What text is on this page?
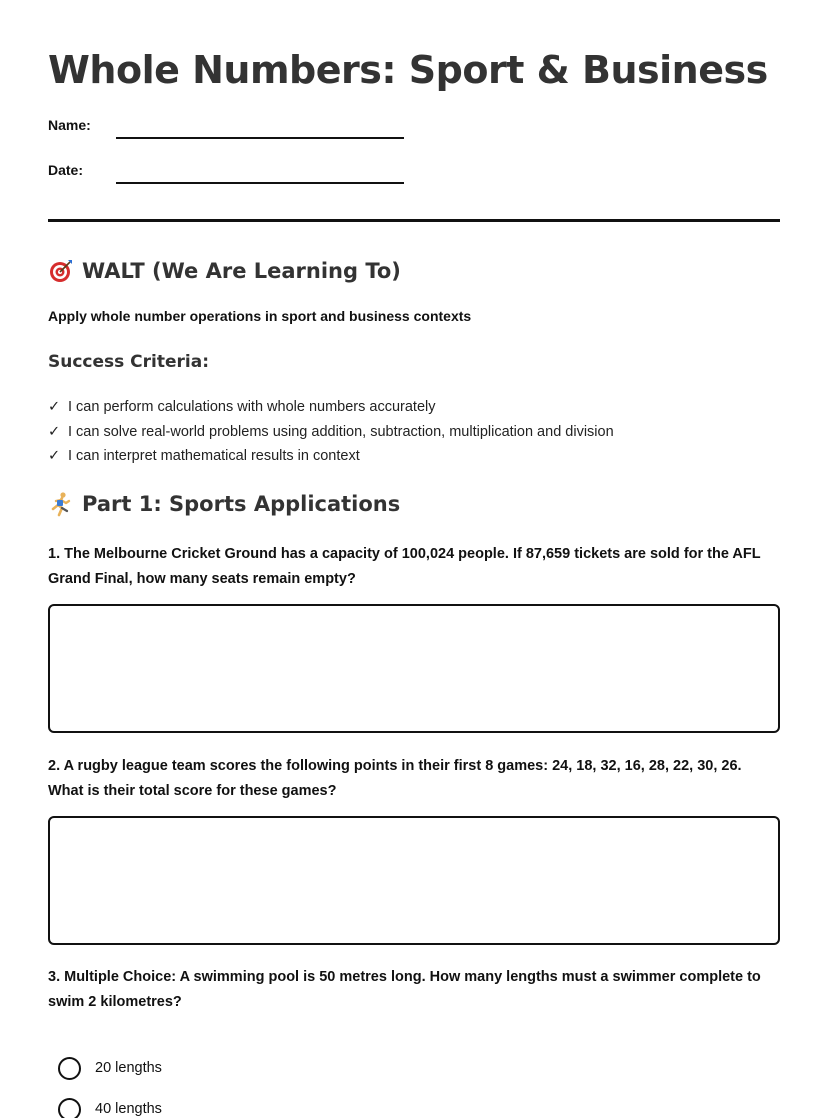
Whole Numbers: Sport & Business
Name:
Date:
WALT (We Are Learning To)

Apply whole number operations in sport and business contexts

Success Criteria:
✓ I can perform calculations with whole numbers accurately
✓ I can solve real-world problems using addition, subtraction, multiplication and division
✓ I can interpret mathematical results in context
Part 1: Sports Applications

1. The Melbourne Cricket Ground has a capacity of 100,024 people. If 87,659 tickets are sold for the AFL Grand Final, how many seats remain empty?

2. A rugby league team scores the following points in their first 8 games: 24, 18, 32, 16, 28, 22, 30, 26. What is their total score for these games?

3. Multiple Choice: A swimming pool is 50 metres long. How many lengths must a swimmer complete to swim 2 kilometres?

20 lengths
40 lengths
